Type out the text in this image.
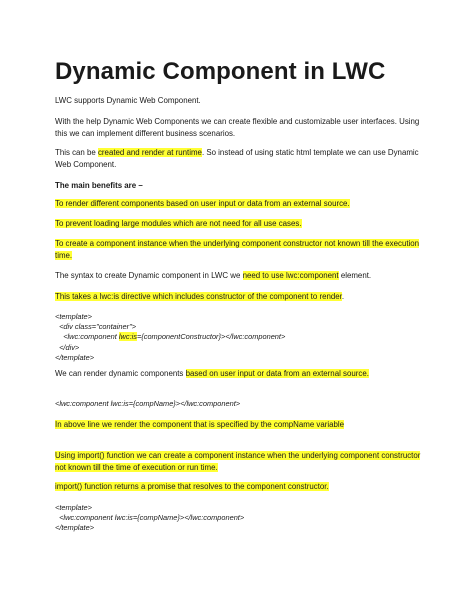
Dynamic Component in LWC

LWC supports Dynamic Web Component.

With the help Dynamic Web Components we can create flexible and customizable user interfaces. Using this we can implement different business scenarios.

This can be created and render at runtime. So instead of using static html template we can use Dynamic Web Component.

The main benefits are –

To render different components based on user input or data from an external source.

To prevent loading large modules which are not need for all use cases.

To create a component instance when the underlying component constructor not known till the execution time.

The syntax to create Dynamic component in LWC we need to use lwc:component element.

This takes a lwc:is directive which includes constructor of the component to render.

<template>
<div class="container">
<lwc:component lwc:is={componentConstructor}></lwc:component>
</div>
</template>

We can render dynamic components based on user input or data from an external source.

<lwc:component lwc:is={compName}></lwc:component>

In above line we render the component that is specified by the compName variable

Using import() function we can create a component instance when the underlying component constructor not known till the time of execution or run time.

import() function returns a promise that resolves to the component constructor.

<template>
<lwc:component lwc:is={compName}></lwc:component>
</template>
